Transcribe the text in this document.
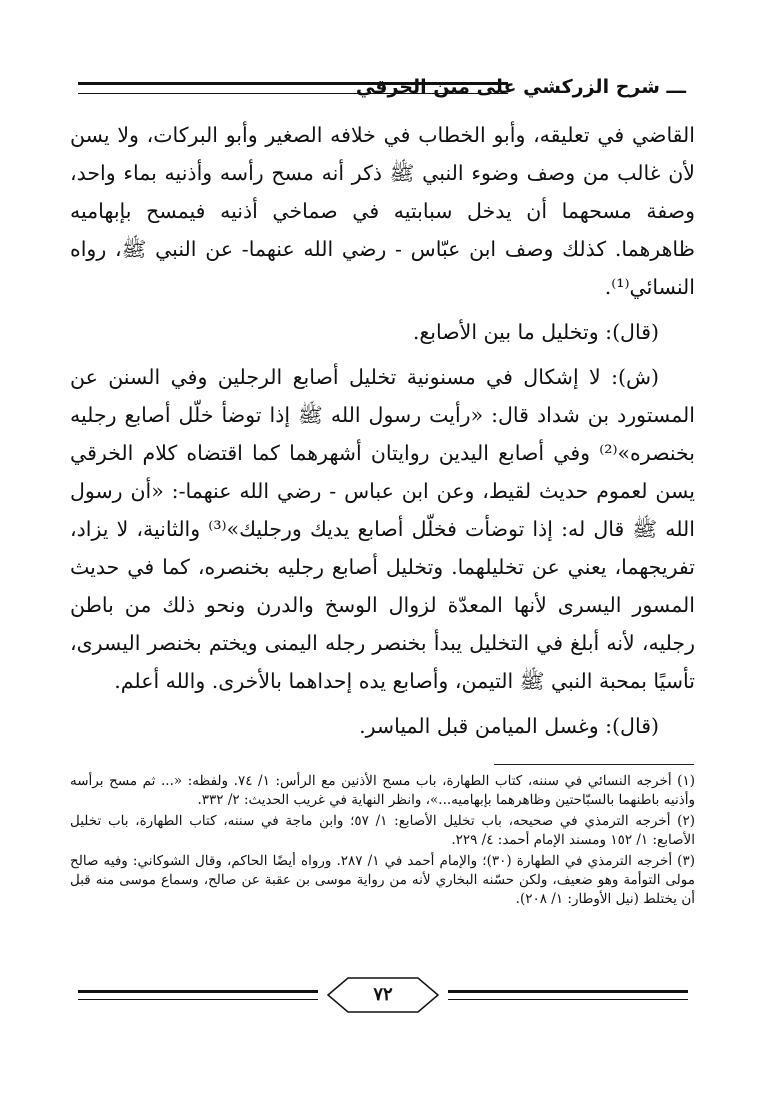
ـــ شرح الزركشي على متن الخرقي

القاضي في تعليقه، وأبو الخطاب في خلافه الصغير وأبو البركات، ولا يسن لأن غالب من وصف وضوء النبي ﷺ ذكر أنه مسح رأسه وأذنيه بماء واحد، وصفة مسحهما أن يدخل سبابتيه في صماخي أذنيه فيمسح بإبهاميه ظاهرهما. كذلك وصف ابن عبّاس - رضي الله عنهما- عن النبي ﷺ، رواه النسائي⁽¹⁾.

(قال): وتخليل ما بين الأصابع.

(ش): لا إشكال في مسنونية تخليل أصابع الرجلين وفي السنن عن المستورد بن شداد قال: «رأيت رسول الله ﷺ إذا توضأ خلّل أصابع رجليه بخنصره»⁽²⁾ وفي أصابع اليدين روايتان أشهرهما كما اقتضاه كلام الخرقي يسن لعموم حديث لقيط، وعن ابن عباس - رضي الله عنهما-: «أن رسول الله ﷺ قال له: إذا توضأت فخلّل أصابع يديك ورجليك»⁽³⁾ والثانية، لا يزاد، تفريجهما، يعني عن تخليلهما. وتخليل أصابع رجليه بخنصره، كما في حديث المسور اليسرى لأنها المعدّة لزوال الوسخ والدرن ونحو ذلك من باطن رجليه، لأنه أبلغ في التخليل يبدأ بخنصر رجله اليمنى ويختم بخنصر اليسرى، تأسيًا بمحبة النبي ﷺ التيمن، وأصابع يده إحداهما بالأخرى. والله أعلم.

(قال): وغسل الميامن قبل المياسر.

(١) أخرجه النسائي في سننه، كتاب الطهارة، باب مسح الأذنين مع الرأس: ١/ ٧٤. ولفظه: «... ثم مسح برأسه وأذنيه باطنهما بالسبّاحتين وظاهرهما بإبهاميه...»، وانظر النهاية في غريب الحديث: ٢/ ٣٣٢.

(٢) أخرجه الترمذي في صحيحه، باب تخليل الأصابع: ١/ ٥٧؛ وابن ماجة في سننه، كتاب الطهارة، باب تخليل الأصابع: ١/ ١٥٢ ومسند الإمام أحمد: ٤/ ٢٢٩.

(٣) أخرجه الترمذي في الطهارة (٣٠)؛ والإمام أحمد في ١/ ٢٨٧. ورواه أيضًا الحاكم، وقال الشوكاني: وفيه صالح مولى التوأمة وهو ضعيف، ولكن حسّنه البخاري لأنه من رواية موسى بن عقبة عن صالح، وسماع موسى منه قبل أن يختلط (نيل الأوطار: ١/ ٢٠٨).

٧٢
